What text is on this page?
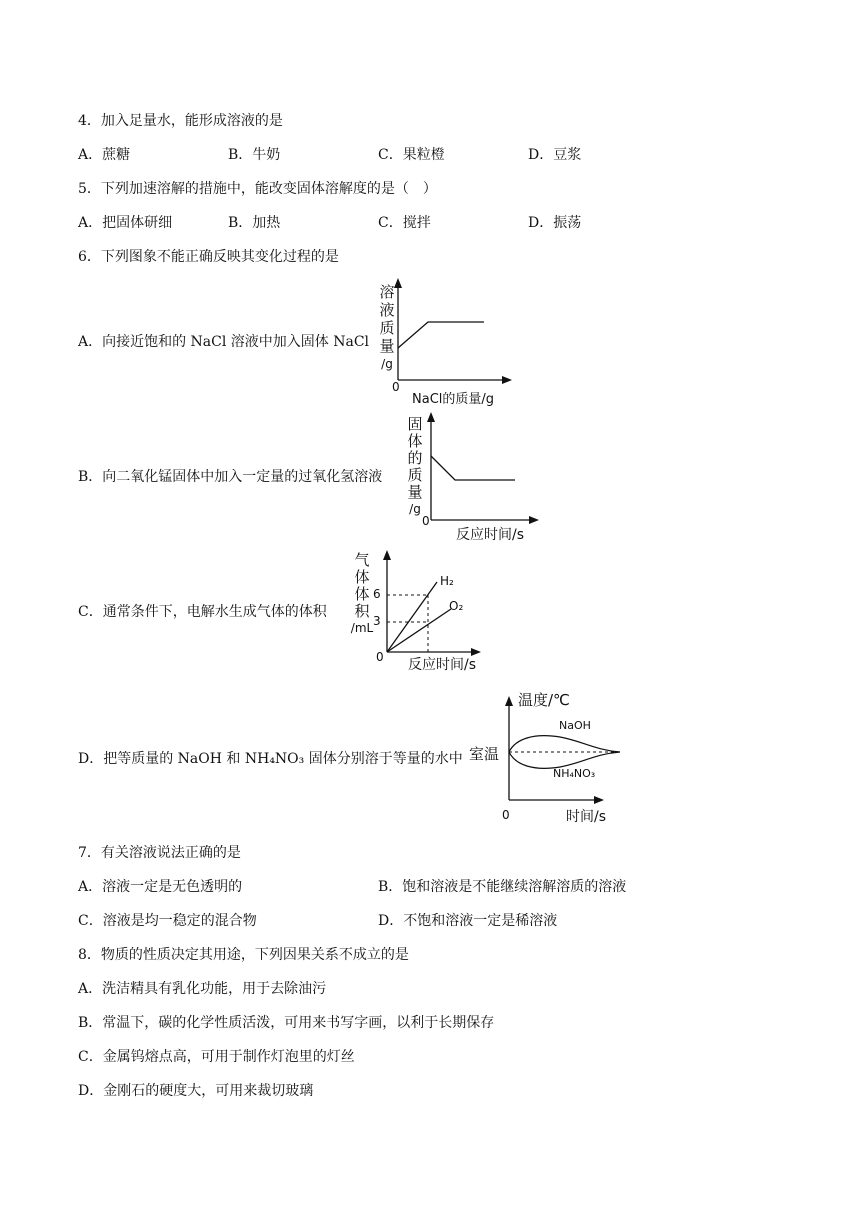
4．加入足量水，能形成溶液的是
A．蔗糖	B．牛奶	C．果粒橙	D．豆浆
5．下列加速溶解的措施中，能改变固体溶解度的是（　）
A．把固体研细	B．加热	C．搅拌	D．振荡
6．下列图象不能正确反映其变化过程的是
A．向接近饱和的 NaCl 溶液中加入固体 NaCl
B．向二氧化锰固体中加入一定量的过氧化氢溶液
C．通常条件下，电解水生成气体的体积
D．把等质量的 NaOH 和 NH₄NO₃ 固体分别溶于等量的水中
溶
液
质
量
/g
0
NaCl的质量/g
固
体
的
质
量
/g
0
反应时间/s
气
体
体
积
/mL
6
3
0
H₂
O₂
反应时间/s
温度/℃
室温
0	时间/s
NaOH
NH₄NO₃
7．有关溶液说法正确的是
A．溶液一定是无色透明的	B．饱和溶液是不能继续溶解溶质的溶液
C．溶液是均一稳定的混合物	D．不饱和溶液一定是稀溶液
8．物质的性质决定其用途，下列因果关系不成立的是
A．洗洁精具有乳化功能，用于去除油污
B．常温下，碳的化学性质活泼，可用来书写字画，以利于长期保存
C．金属钨熔点高，可用于制作灯泡里的灯丝
D．金刚石的硬度大，可用来裁切玻璃
